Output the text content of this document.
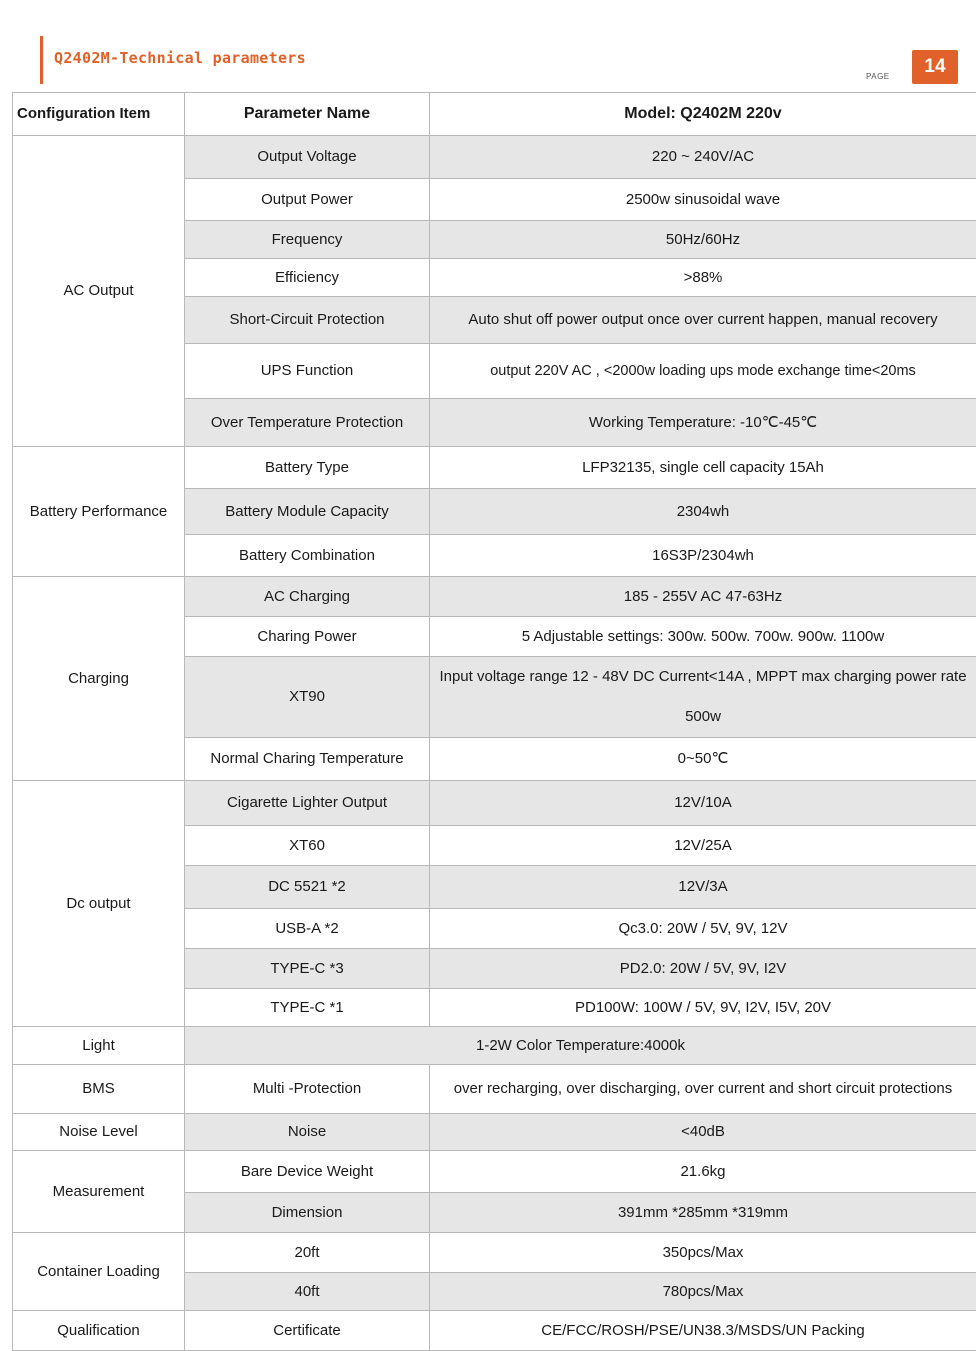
Q2402M-Technical parameters
PAGE	14
Configuration Item	Parameter Name	Model: Q2402M 220v
AC Output	Output Voltage	220 ~ 240V/AC
	Output Power	2500w sinusoidal wave
	Frequency	50Hz/60Hz
	Efficiency	>88%
	Short-Circuit Protection	Auto shut off power output once over current happen, manual recovery
	UPS Function	output 220V AC , <2000w loading ups mode exchange time<20ms
	Over Temperature Protection	Working Temperature: -10℃-45℃
Battery Performance	Battery Type	LFP32135, single cell capacity 15Ah
	Battery Module Capacity	2304wh
	Battery Combination	16S3P/2304wh
Charging	AC Charging	185 - 255V AC 47-63Hz
	Charing Power	5 Adjustable settings: 300w. 500w. 700w. 900w. 1100w
	XT90	Input voltage range 12 - 48V DC Current<14A , MPPT max charging power rate 500w
	Normal Charing Temperature	0~50℃
Dc output	Cigarette Lighter Output	12V/10A
	XT60	12V/25A
	DC 5521 *2	12V/3A
	USB-A *2	Qc3.0: 20W / 5V, 9V, 12V
	TYPE-C *3	PD2.0: 20W / 5V, 9V, I2V
	TYPE-C *1	PD100W: 100W / 5V, 9V, I2V, I5V, 20V
Light	1-2W Color Temperature:4000k	
BMS	Multi -Protection	over recharging, over discharging, over current and short circuit protections
Noise Level	Noise	<40dB
Measurement	Bare Device Weight	21.6kg
	Dimension	391mm *285mm *319mm
Container Loading	20ft	350pcs/Max
	40ft	780pcs/Max
Qualification	Certificate	CE/FCC/ROSH/PSE/UN38.3/MSDS/UN Packing
